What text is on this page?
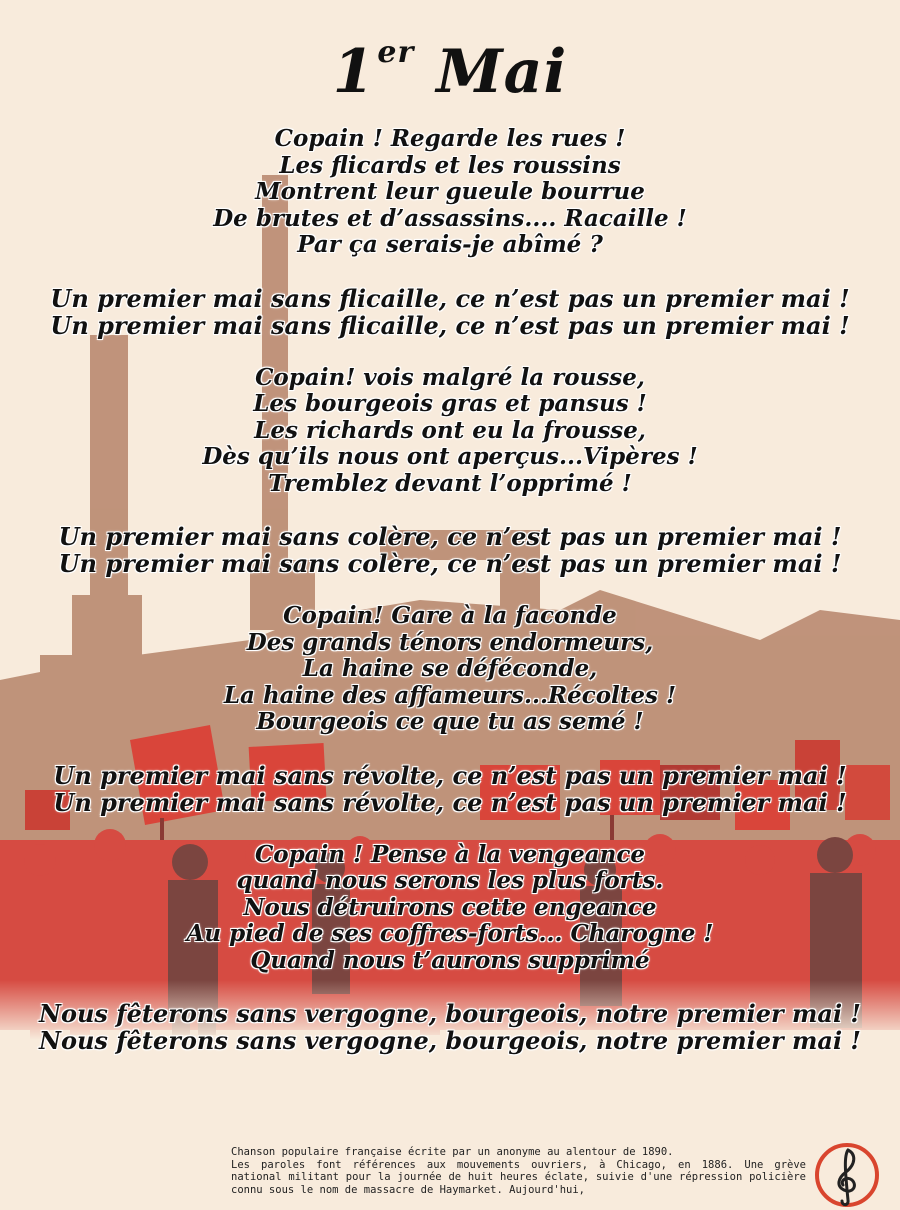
1er Mai
Copain ! Regarde les rues !
Les flicards et les roussins
Montrent leur gueule bourrue
De brutes et d’assassins.... Racaille !
Par ça serais-je abîmé ?
Un premier mai sans flicaille, ce n’est pas un premier mai !
Un premier mai sans flicaille, ce n’est pas un premier mai !
Copain! vois malgré la rousse,
Les bourgeois gras et pansus !
Les richards ont eu la frousse,
Dès qu’ils nous ont aperçus...Vipères !
Tremblez devant l’opprimé !
Un premier mai sans colère, ce n’est pas un premier mai !
Un premier mai sans colère, ce n’est pas un premier mai !
Copain! Gare à la faconde
Des grands ténors endormeurs,
La haine se déféconde,
La haine des affameurs...Récoltes !
Bourgeois ce que tu as semé !
Un premier mai sans révolte, ce n’est pas un premier mai !
Un premier mai sans révolte, ce n’est pas un premier mai !
Copain ! Pense à la vengeance
quand nous serons les plus forts.
Nous détruirons cette engeance
Au pied de ses coffres-forts... Charogne !
Quand nous t’aurons supprimé
Nous fêterons sans vergogne, bourgeois, notre premier mai !
Nous fêterons sans vergogne, bourgeois, notre premier mai !
Chanson populaire française écrite par un anonyme au alentour de 1890.
Les paroles font références aux mouvements ouvriers, à Chicago, en 1886. Une grève national militant pour la journée de huit heures éclate, suivie d'une répression policière connu sous le nom de massacre de Haymarket. Aujourd'hui,
